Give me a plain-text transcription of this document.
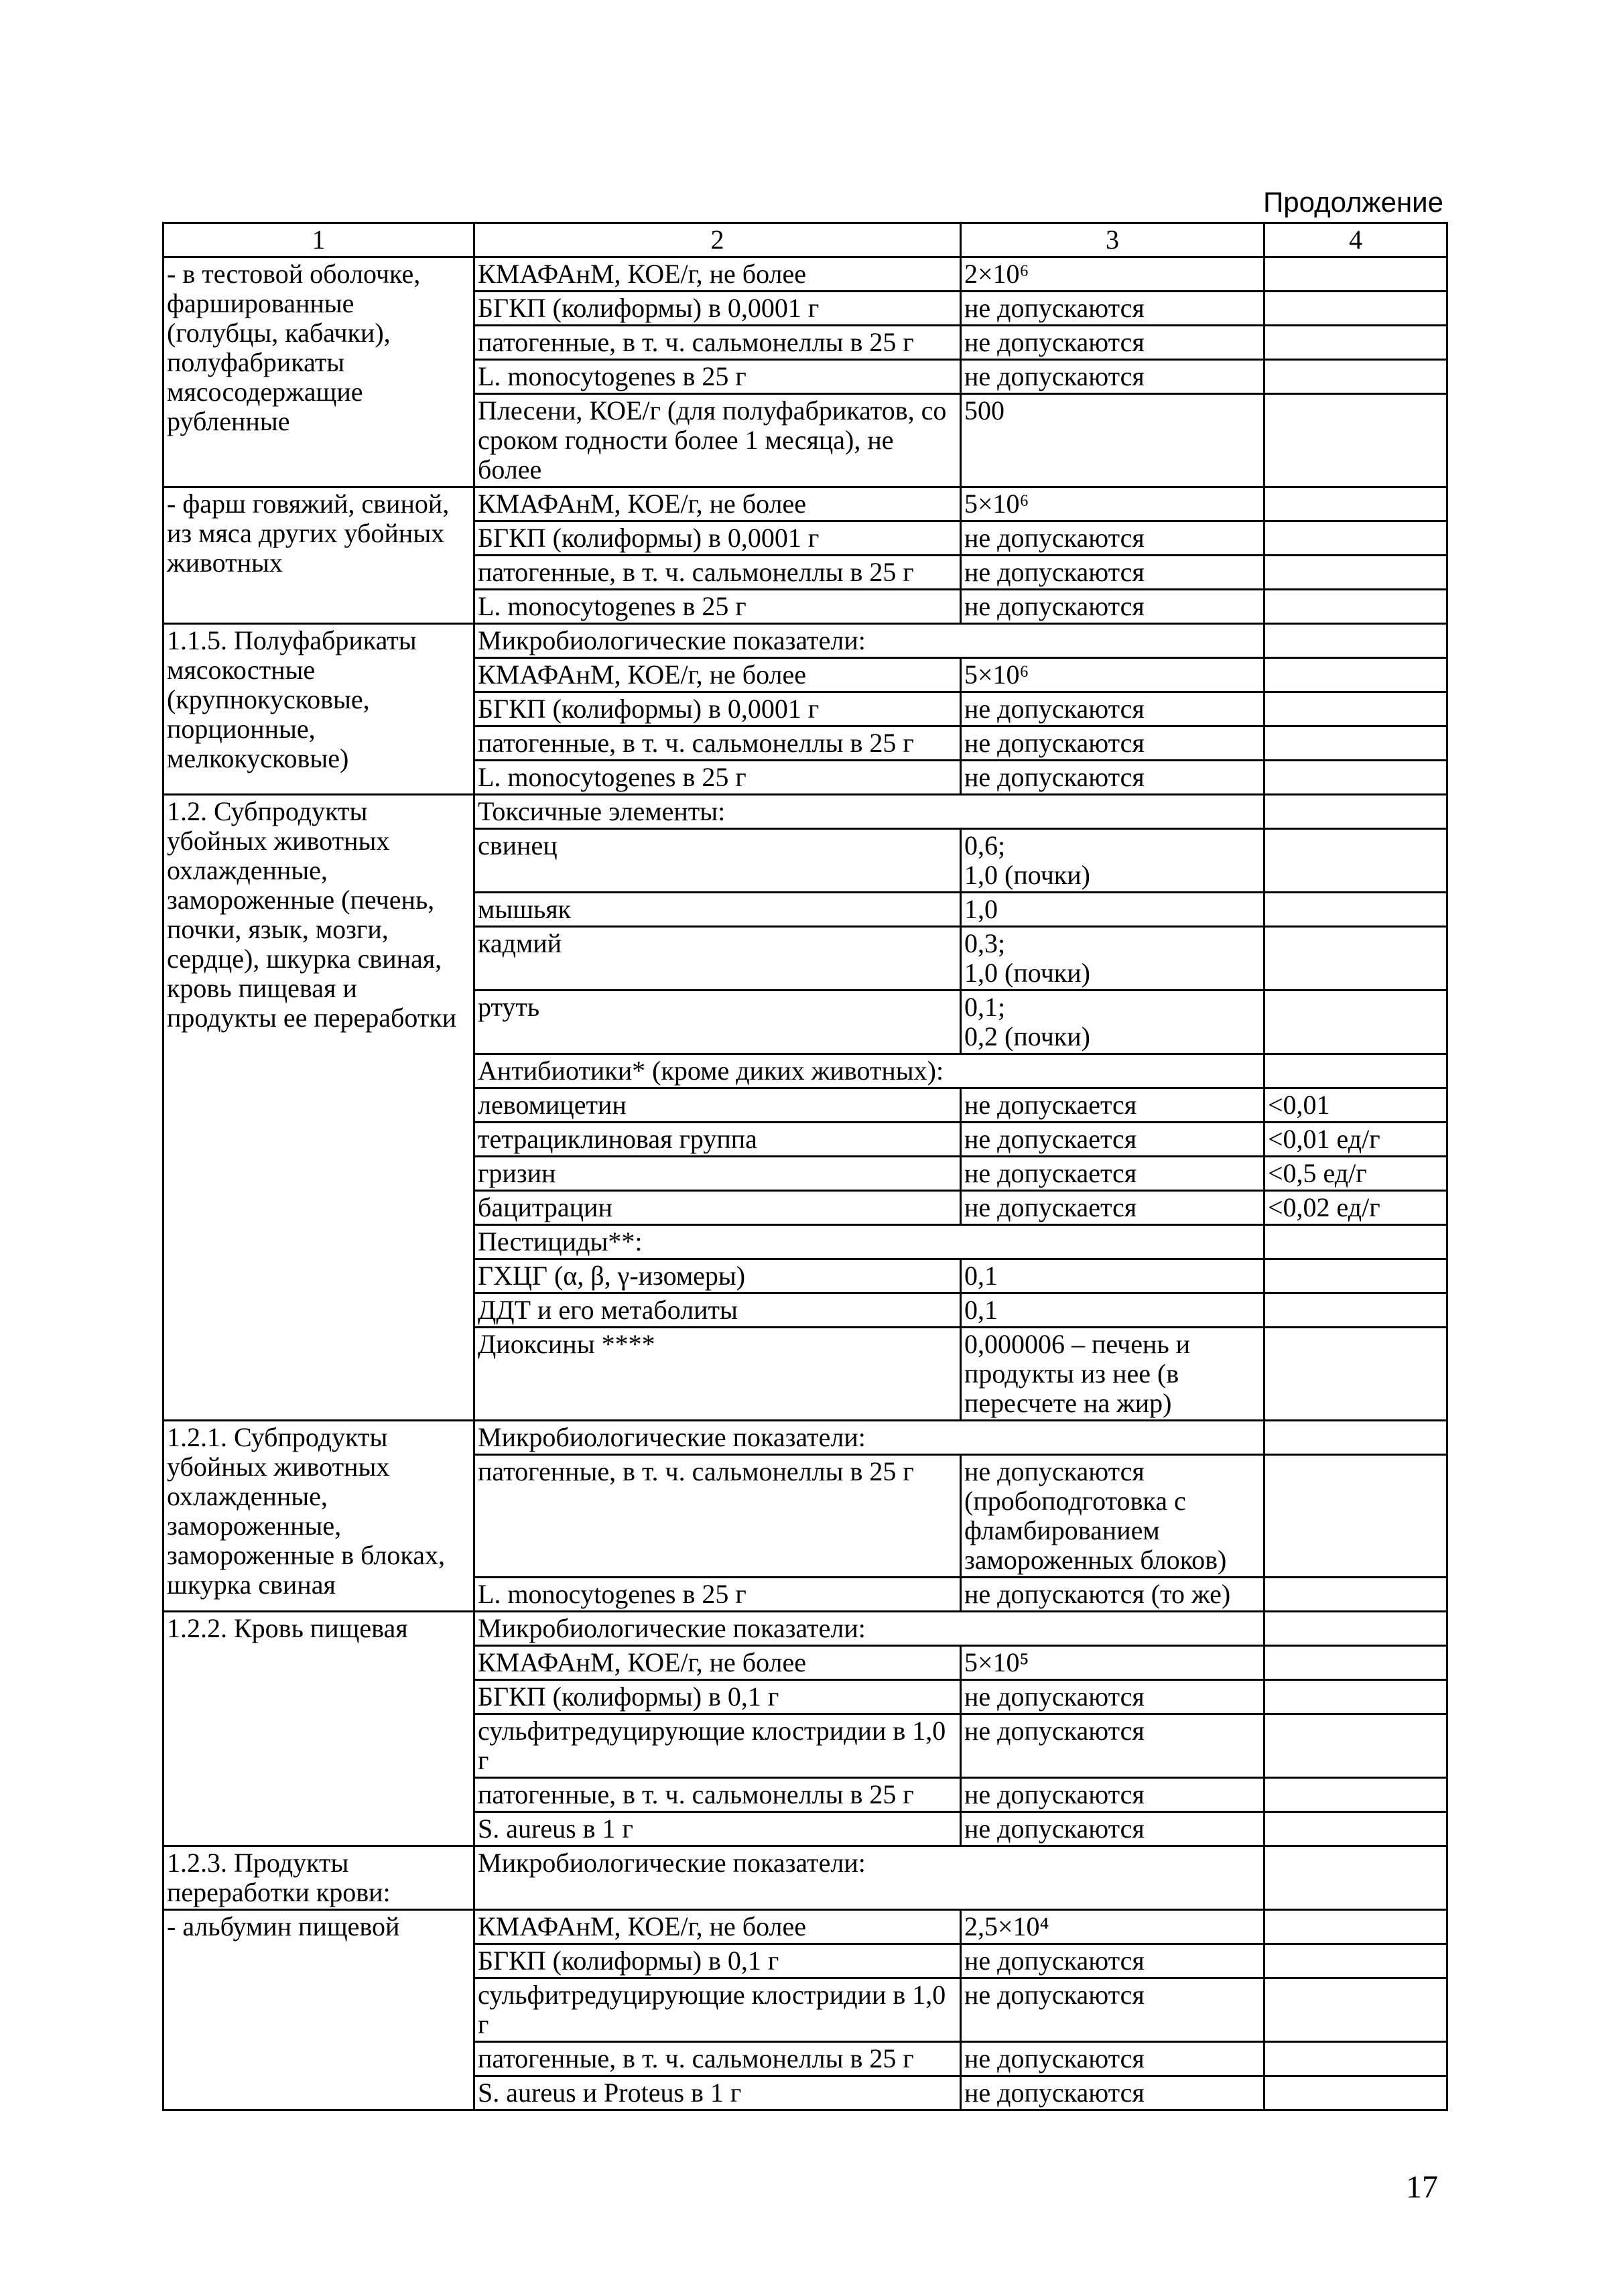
Продолжение
1	2	3	4
- в тестовой оболочке, фаршированные (голубцы, кабачки), полуфабрикаты мясосодержащие рубленные	КМАФАнМ, КОЕ/г, не более	2×10⁶	
	БГКП (колиформы) в 0,0001 г	не допускаются	
	патогенные, в т. ч. сальмонеллы в 25 г	не допускаются	
	L. monocytogenes в 25 г	не допускаются	
	Плесени, КОЕ/г (для полуфабрикатов, со сроком годности более 1 месяца), не более	500	
- фарш говяжий, свиной, из мяса других убойных животных	КМАФАнМ, КОЕ/г, не более	5×10⁶	
	БГКП (колиформы) в 0,0001 г	не допускаются	
	патогенные, в т. ч. сальмонеллы в 25 г	не допускаются	
	L. monocytogenes в 25 г	не допускаются	
1.1.5. Полуфабрикаты мясокостные (крупнокусковые, порционные, мелкокусковые)	Микробиологические показатели:		
	КМАФАнМ, КОЕ/г, не более	5×10⁶	
	БГКП (колиформы) в 0,0001 г	не допускаются	
	патогенные, в т. ч. сальмонеллы в 25 г	не допускаются	
	L. monocytogenes в 25 г	не допускаются	
1.2. Субпродукты убойных животных охлажденные, замороженные (печень, почки, язык, мозги, сердце), шкурка свиная, кровь пищевая и продукты ее переработки	Токсичные элементы:		
	свинец	0,6;
1,0 (почки)	
	мышьяк	1,0	
	кадмий	0,3;
1,0 (почки)	
	ртуть	0,1;
0,2 (почки)	
	Антибиотики* (кроме диких животных):		
	левомицетин	не допускается	<0,01
	тетрациклиновая группа	не допускается	<0,01 ед/г
	гризин	не допускается	<0,5 ед/г
	бацитрацин	не допускается	<0,02 ед/г
	Пестициды**:		
	ГХЦГ (α, β, γ-изомеры)	0,1	
	ДДТ и его метаболиты	0,1	
	Диоксины ****	0,000006 – печень и продукты из нее (в пересчете на жир)	
1.2.1. Субпродукты убойных животных охлажденные, замороженные, замороженные в блоках, шкурка свиная	Микробиологические показатели:		
	патогенные, в т. ч. сальмонеллы в 25 г	не допускаются (пробоподготовка с фламбированием замороженных блоков)	
	L. monocytogenes в 25 г	не допускаются (то же)	
1.2.2. Кровь пищевая	Микробиологические показатели:		
	КМАФАнМ, КОЕ/г, не более	5×10⁵	
	БГКП (колиформы) в 0,1 г	не допускаются	
	сульфитредуцирующие клостридии в 1,0 г	не допускаются	
	патогенные, в т. ч. сальмонеллы в 25 г	не допускаются	
	S. aureus в 1 г	не допускаются	
1.2.3. Продукты переработки крови:	Микробиологические показатели:		
- альбумин пищевой	КМАФАнМ, КОЕ/г, не более	2,5×10⁴	
	БГКП (колиформы) в 0,1 г	не допускаются	
	сульфитредуцирующие клостридии в 1,0 г	не допускаются	
	патогенные, в т. ч. сальмонеллы в 25 г	не допускаются	
	S. aureus и Proteus в 1 г	не допускаются	
17
